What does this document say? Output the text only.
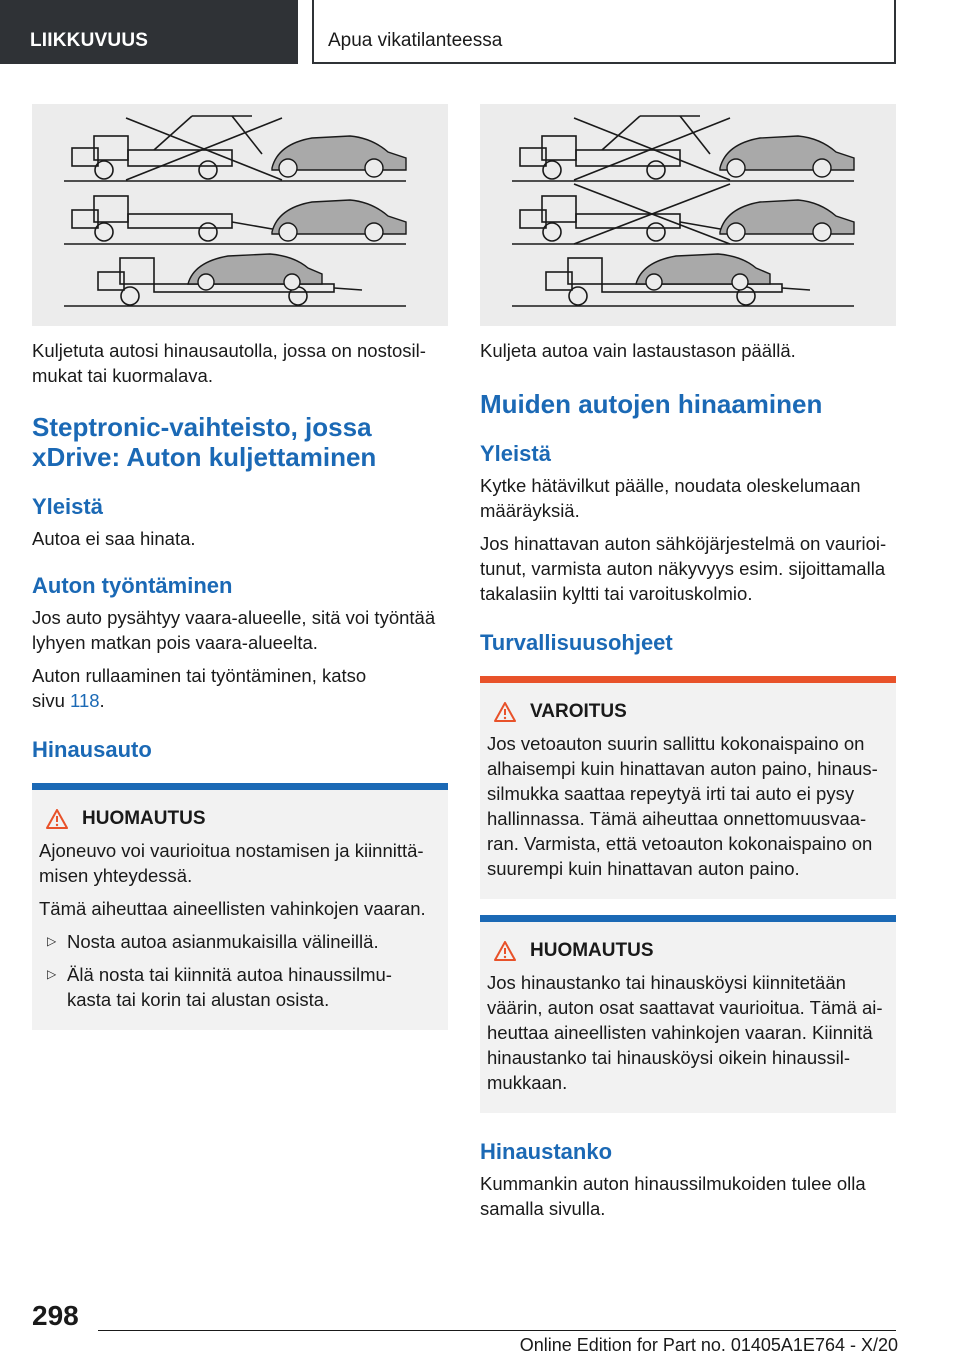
LIIKKUVUUS	Apua vikatilanteessa

Kuljetuta autosi hinausautolla, jossa on nostosil‐
mukat tai kuormalava.

Steptronic-vaihteisto, jossa xDrive: Auton kuljettaminen
Yleistä

Autoa ei saa hinata.

Auton työntäminen

Jos auto pysähtyy vaara-alueelle, sitä voi työntää lyhyen matkan pois vaara-alueelta.

Auton rullaaminen tai työntäminen, katso sivu 118.

Hinausauto
HUOMAUTUS

Ajoneuvo voi vaurioitua nostamisen ja kiinnittä‐
misen yhteydessä.

Tämä aiheuttaa aineellisten vahinkojen vaaran.

▷ Nosta autoa asianmukaisilla välineillä.
▷ Älä nosta tai kiinnitä autoa hinaussilmu‐
kasta tai korin tai alustan osista.

Kuljeta autoa vain lastaustason päällä.

Muiden autojen hinaaminen
Yleistä

Kytke hätävilkut päälle, noudata oleskelumaan määräyksiä.

Jos hinattavan auton sähköjärjestelmä on vaurioi‐
tunut, varmista auton näkyvyys esim. sijoittamalla takalasiin kyltti tai varoituskolmio.

Turvallisuusohjeet
VAROITUS

Jos vetoauton suurin sallittu kokonaispaino on alhaisempi kuin hinattavan auton paino, hinaus‐
silmukka saattaa repeytyä irti tai auto ei pysy hallinnassa. Tämä aiheuttaa onnettomuusvaa‐
ran. Varmista, että vetoauton kokonaispaino on suurempi kuin hinattavan auton paino.

HUOMAUTUS

Jos hinaustanko tai hinausköysi kiinnitetään väärin, auton osat saattavat vaurioitua. Tämä ai‐
heuttaa aineellisten vahinkojen vaaran. Kiinnitä hinaustanko tai hinausköysi oikein hinaussil‐
mukkaan.

Hinaustanko

Kummankin auton hinaussilmukoiden tulee olla samalla sivulla.

298
Online Edition for Part no. 01405A1E764 - X/20
